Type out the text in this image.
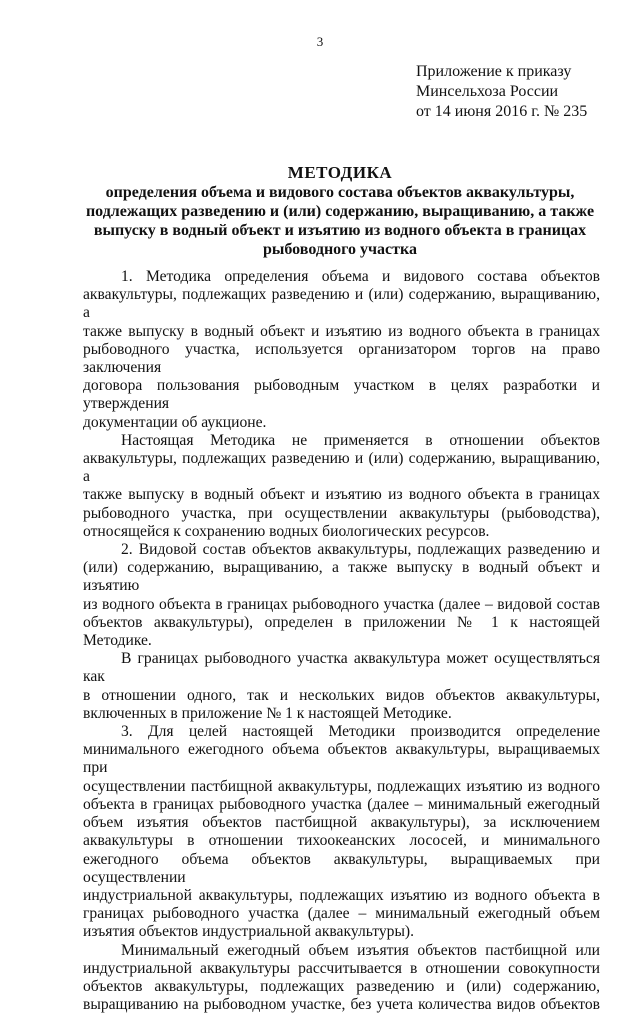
3
Приложение к приказу
Минсельхоза России
от 14 июня 2016 г. № 235
МЕТОДИКА
определения объема и видового состава объектов аквакультуры,
подлежащих разведению и (или) содержанию, выращиванию, а также
выпуску в водный объект и изъятию из водного объекта в границах
рыбоводного участка
1. Методика определения объема и видового состава объектов
аквакультуры, подлежащих разведению и (или) содержанию, выращиванию, а
также выпуску в водный объект и изъятию из водного объекта в границах
рыбоводного участка, используется организатором торгов на право заключения
договора пользования рыбоводным участком в целях разработки и утверждения
документации об аукционе.
Настоящая Методика не применяется в отношении объектов
аквакультуры, подлежащих разведению и (или) содержанию, выращиванию, а
также выпуску в водный объект и изъятию из водного объекта в границах
рыбоводного участка, при осуществлении аквакультуры (рыбоводства),
относящейся к сохранению водных биологических ресурсов.
2. Видовой состав объектов аквакультуры, подлежащих разведению и
(или) содержанию, выращиванию, а также выпуску в водный объект и изъятию
из водного объекта в границах рыбоводного участка (далее – видовой состав
объектов аквакультуры), определен в приложении № 1 к настоящей Методике.
В границах рыбоводного участка аквакультура может осуществляться как
в отношении одного, так и нескольких видов объектов аквакультуры,
включенных в приложение № 1 к настоящей Методике.
3. Для целей настоящей Методики производится определение
минимального ежегодного объема объектов аквакультуры, выращиваемых при
осуществлении пастбищной аквакультуры, подлежащих изъятию из водного
объекта в границах рыбоводного участка (далее – минимальный ежегодный
объем изъятия объектов пастбищной аквакультуры), за исключением
аквакультуры в отношении тихоокеанских лососей, и минимального
ежегодного объема объектов аквакультуры, выращиваемых при осуществлении
индустриальной аквакультуры, подлежащих изъятию из водного объекта в
границах рыбоводного участка (далее – минимальный ежегодный объем
изъятия объектов индустриальной аквакультуры).
Минимальный ежегодный объем изъятия объектов пастбищной или
индустриальной аквакультуры рассчитывается в отношении совокупности
объектов аквакультуры, подлежащих разведению и (или) содержанию,
выращиванию на рыбоводном участке, без учета количества видов объектов
